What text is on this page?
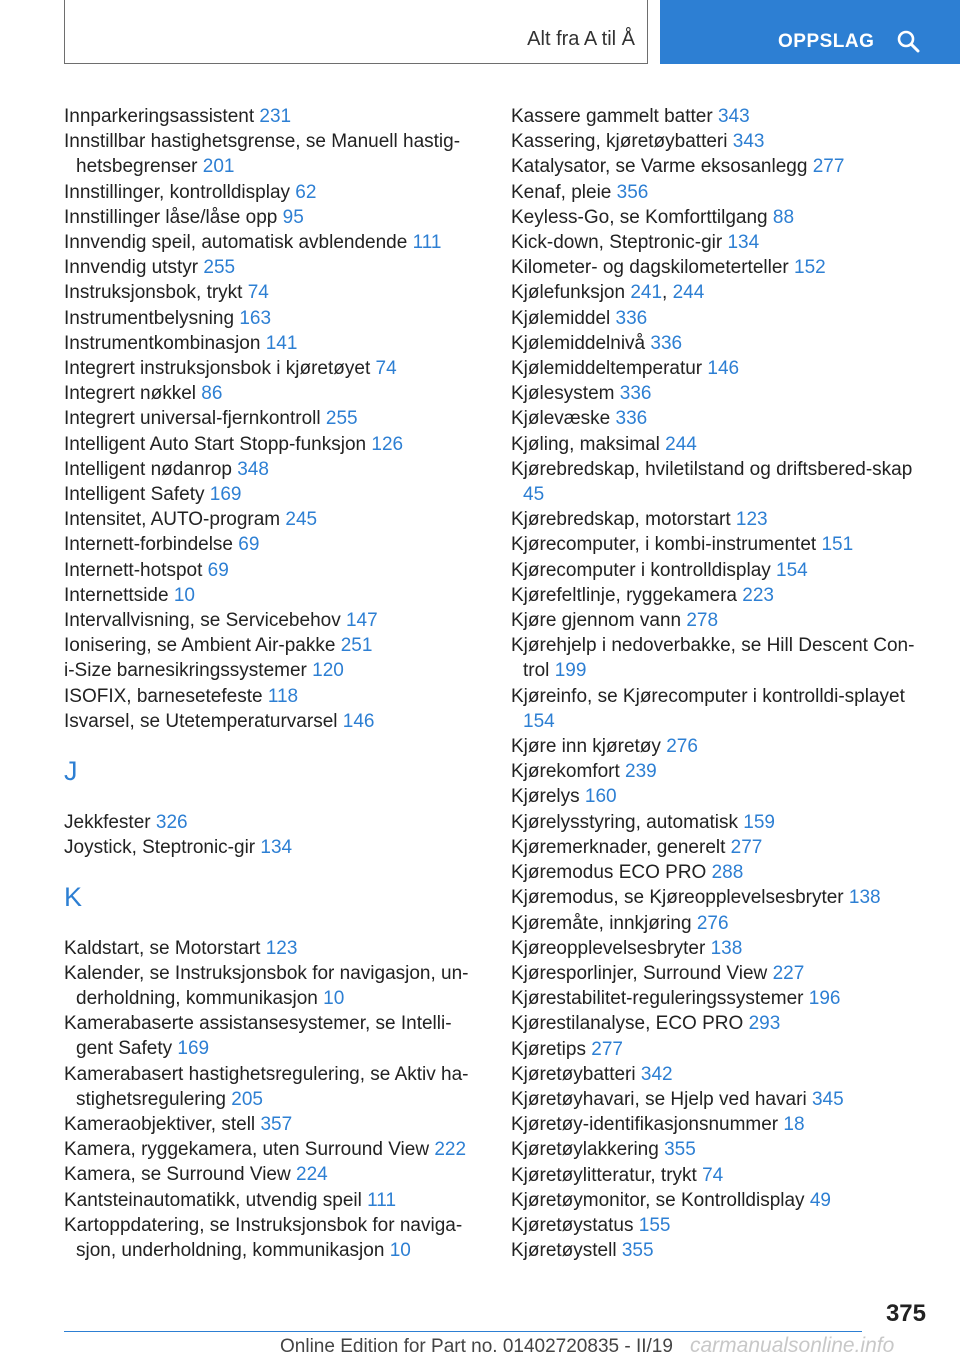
Alt fra A til Å	OPPSLAG
Innparkeringsassistent 231
Innstillbar hastighetsgrense, se Manuell hastig-hetsbegrenser 201
Innstillinger, kontrolldisplay 62
Innstillinger låse/låse opp 95
Innvendig speil, automatisk avblendende 111
Innvendig utstyr 255
Instruksjonsbok, trykt 74
Instrumentbelysning 163
Instrumentkombinasjon 141
Integrert instruksjonsbok i kjøretøyet 74
Integrert nøkkel 86
Integrert universal-fjernkontroll 255
Intelligent Auto Start Stopp-funksjon 126
Intelligent nødanrop 348
Intelligent Safety 169
Intensitet, AUTO-program 245
Internett-forbindelse 69
Internett-hotspot 69
Internettside 10
Intervallvisning, se Servicebehov 147
Ionisering, se Ambient Air-pakke 251
i-Size barnesikringssystemer 120
ISOFIX, barnesetefeste 118
Isvarsel, se Utetemperaturvarsel 146
J
Jekkfester 326
Joystick, Steptronic-gir 134
K
Kaldstart, se Motorstart 123
Kalender, se Instruksjonsbok for navigasjon, un-derholdning, kommunikasjon 10
Kamerabaserte assistansesystemer, se Intelli-gent Safety 169
Kamerabasert hastighetsregulering, se Aktiv ha-stighetsregulering 205
Kameraobjektiver, stell 357
Kamera, ryggekamera, uten Surround View 222
Kamera, se Surround View 224
Kantsteinautomatikk, utvendig speil 111
Kartoppdatering, se Instruksjonsbok for naviga-sjon, underholdning, kommunikasjon 10
Kassere gammelt batter 343
Kassering, kjøretøybatteri 343
Katalysator, se Varme eksosanlegg 277
Kenaf, pleie 356
Keyless-Go, se Komforttilgang 88
Kick-down, Steptronic-gir 134
Kilometer- og dagskilometerteller 152
Kjølefunksjon 241, 244
Kjølemiddel 336
Kjølemiddelnivå 336
Kjølemiddeltemperatur 146
Kjølesystem 336
Kjølevæske 336
Kjøling, maksimal 244
Kjørebredskap, hviletilstand og driftsbered-skap 45
Kjørebredskap, motorstart 123
Kjørecomputer, i kombi-instrumentet 151
Kjørecomputer i kontrolldisplay 154
Kjørefeltlinje, ryggekamera 223
Kjøre gjennom vann 278
Kjørehjelp i nedoverbakke, se Hill Descent Con-trol 199
Kjøreinfo, se Kjørecomputer i kontrolldi-splayet 154
Kjøre inn kjøretøy 276
Kjørekomfort 239
Kjørelys 160
Kjørelysstyring, automatisk 159
Kjøremerknader, generelt 277
Kjøremodus ECO PRO 288
Kjøremodus, se Kjøreopplevelsesbryter 138
Kjøremåte, innkjøring 276
Kjøreopplevelsesbryter 138
Kjøresporlinjer, Surround View 227
Kjørestabilitet-reguleringssystemer 196
Kjørestilanalyse, ECO PRO 293
Kjøretips 277
Kjøretøybatteri 342
Kjøretøyhavari, se Hjelp ved havari 345
Kjøretøy-identifikasjonsnummer 18
Kjøretøylakkering 355
Kjøretøylitteratur, trykt 74
Kjøretøymonitor, se Kontrolldisplay 49
Kjøretøystatus 155
Kjøretøystell 355
375
Online Edition for Part no. 01402720835 - II/19 carmanualsonline.info
